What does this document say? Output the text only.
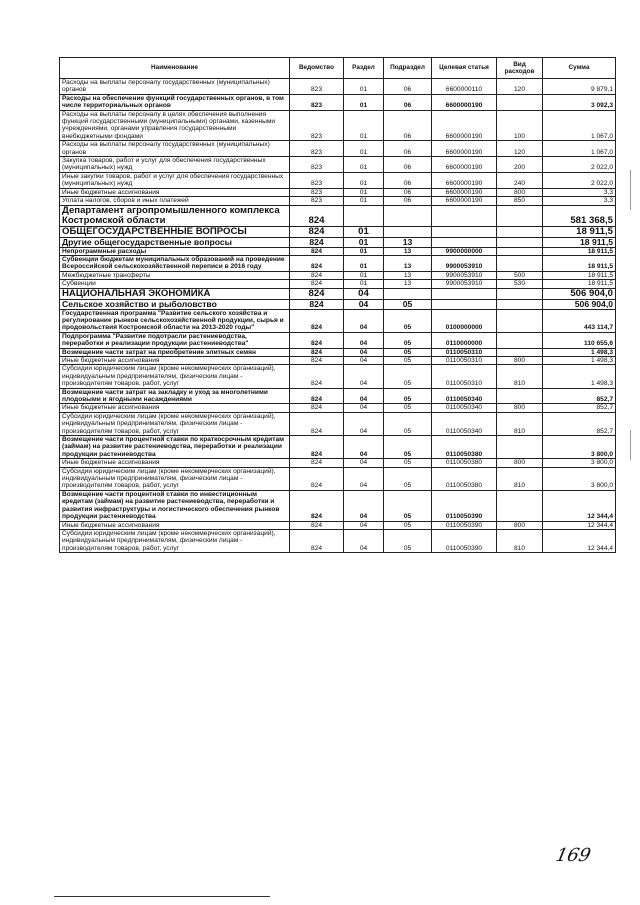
Наименование	Ведомство	Раздел	Подраздел	Целевая статья	Вид расходов	Сумма
Расходы на выплаты персоналу государственных (муниципальных) органов	823	01	06	6600000110	120	9 879,1
Расходы на обеспечение функций государственных органов, в том числе территориальных органов	823	01	06	6600000190		3 092,3
Расходы на выплаты персоналу в целях обеспечения выполнения функций государственными (муниципальными) органами, казенными учреждениями, органами управления государственными внебюджетными фондами	823	01	06	6600000190	100	1 067,0
Расходы на выплаты персоналу государственных (муниципальных) органов	823	01	06	6600000190	120	1 067,0
Закупка товаров, работ и услуг для обеспечения государственных (муниципальных) нужд	823	01	06	6600000190	200	2 022,0
Иные закупки товаров, работ и услуг для обеспечения государственных (муниципальных) нужд	823	01	06	6600000190	240	2 022,0
Иные бюджетные ассигнования	823	01	06	6600000190	800	3,3
Уплата налогов, сборов и иных платежей	823	01	06	6600000190	850	3,3
Департамент агропромышленного комплекса Костромской области	824					581 368,5
ОБЩЕГОСУДАРСТВЕННЫЕ ВОПРОСЫ	824	01				18 911,5
Другие общегосударственные вопросы	824	01	13			18 911,5
Непрограммные расходы	824	01	13	9900000000		18 911,5
Субвенции бюджетам муниципальных образований на проведение Всероссийской сельскохозяйственной переписи в 2016 году	824	01	13	9900053910		18 911,5
Межбюджетные трансферты	824	01	13	9900053910	500	18 911,5
Субвенции	824	01	13	9900053910	530	18 911,5
НАЦИОНАЛЬНАЯ ЭКОНОМИКА	824	04				506 904,0
Сельское хозяйство и рыболовство	824	04	05			506 904,0
Государственная программа "Развитие сельского хозяйства и регулирование рынков сельскохозяйственной продукции, сырья и продовольствия Костромской области на 2013-2020 годы"	824	04	05	0100000000		443 114,7
Подпрограмма "Развитие подотрасли растениеводства, переработки и реализации продукции растениеводства"	824	04	05	0110000000		110 655,6
Возмещение части затрат на приобретение элитных семян	824	04	05	0110050310		1 498,3
Иные бюджетные ассигнования	824	04	05	0110050310	800	1 498,3
Субсидии юридическим лицам (кроме некоммерческих организаций), индивидуальным предпринимателям, физическим лицам - производителям товаров, работ, услуг	824	04	05	0110050310	810	1 498,3
Возмещение части затрат на закладку и уход за многолетними плодовыми и ягодными насаждениями	824	04	05	0110050340		852,7
Иные бюджетные ассигнования	824	04	05	0110050340	800	852,7
Субсидии юридическим лицам (кроме некоммерческих организаций), индивидуальным предпринимателям, физическим лицам - производителям товаров, работ, услуг	824	04	05	0110050340	810	852,7
Возмещение части процентной ставки по краткосрочным кредитам (займам) на развитие растениеводства, переработки и реализации продукции растениеводства	824	04	05	0110050380		3 800,0
Иные бюджетные ассигнования	824	04	05	0110050380	800	3 800,0
Субсидии юридическим лицам (кроме некоммерческих организаций), индивидуальным предпринимателям, физическим лицам - производителям товаров, работ, услуг	824	04	05	0110050380	810	3 800,0
Возмещение части процентной ставки по инвестиционным кредитам (займам) на развитие растениеводства, переработки и развития инфраструктуры и логистического обеспечения рынков продукции растениеводства	824	04	05	0110050390		12 344,4
Иные бюджетные ассигнования	824	04	05	0110050390	800	12 344,4
Субсидии юридическим лицам (кроме некоммерческих организаций), индивидуальным предпринимателям, физическим лицам - производителям товаров, работ, услуг	824	04	05	0110050390	810	12 344,4
169
